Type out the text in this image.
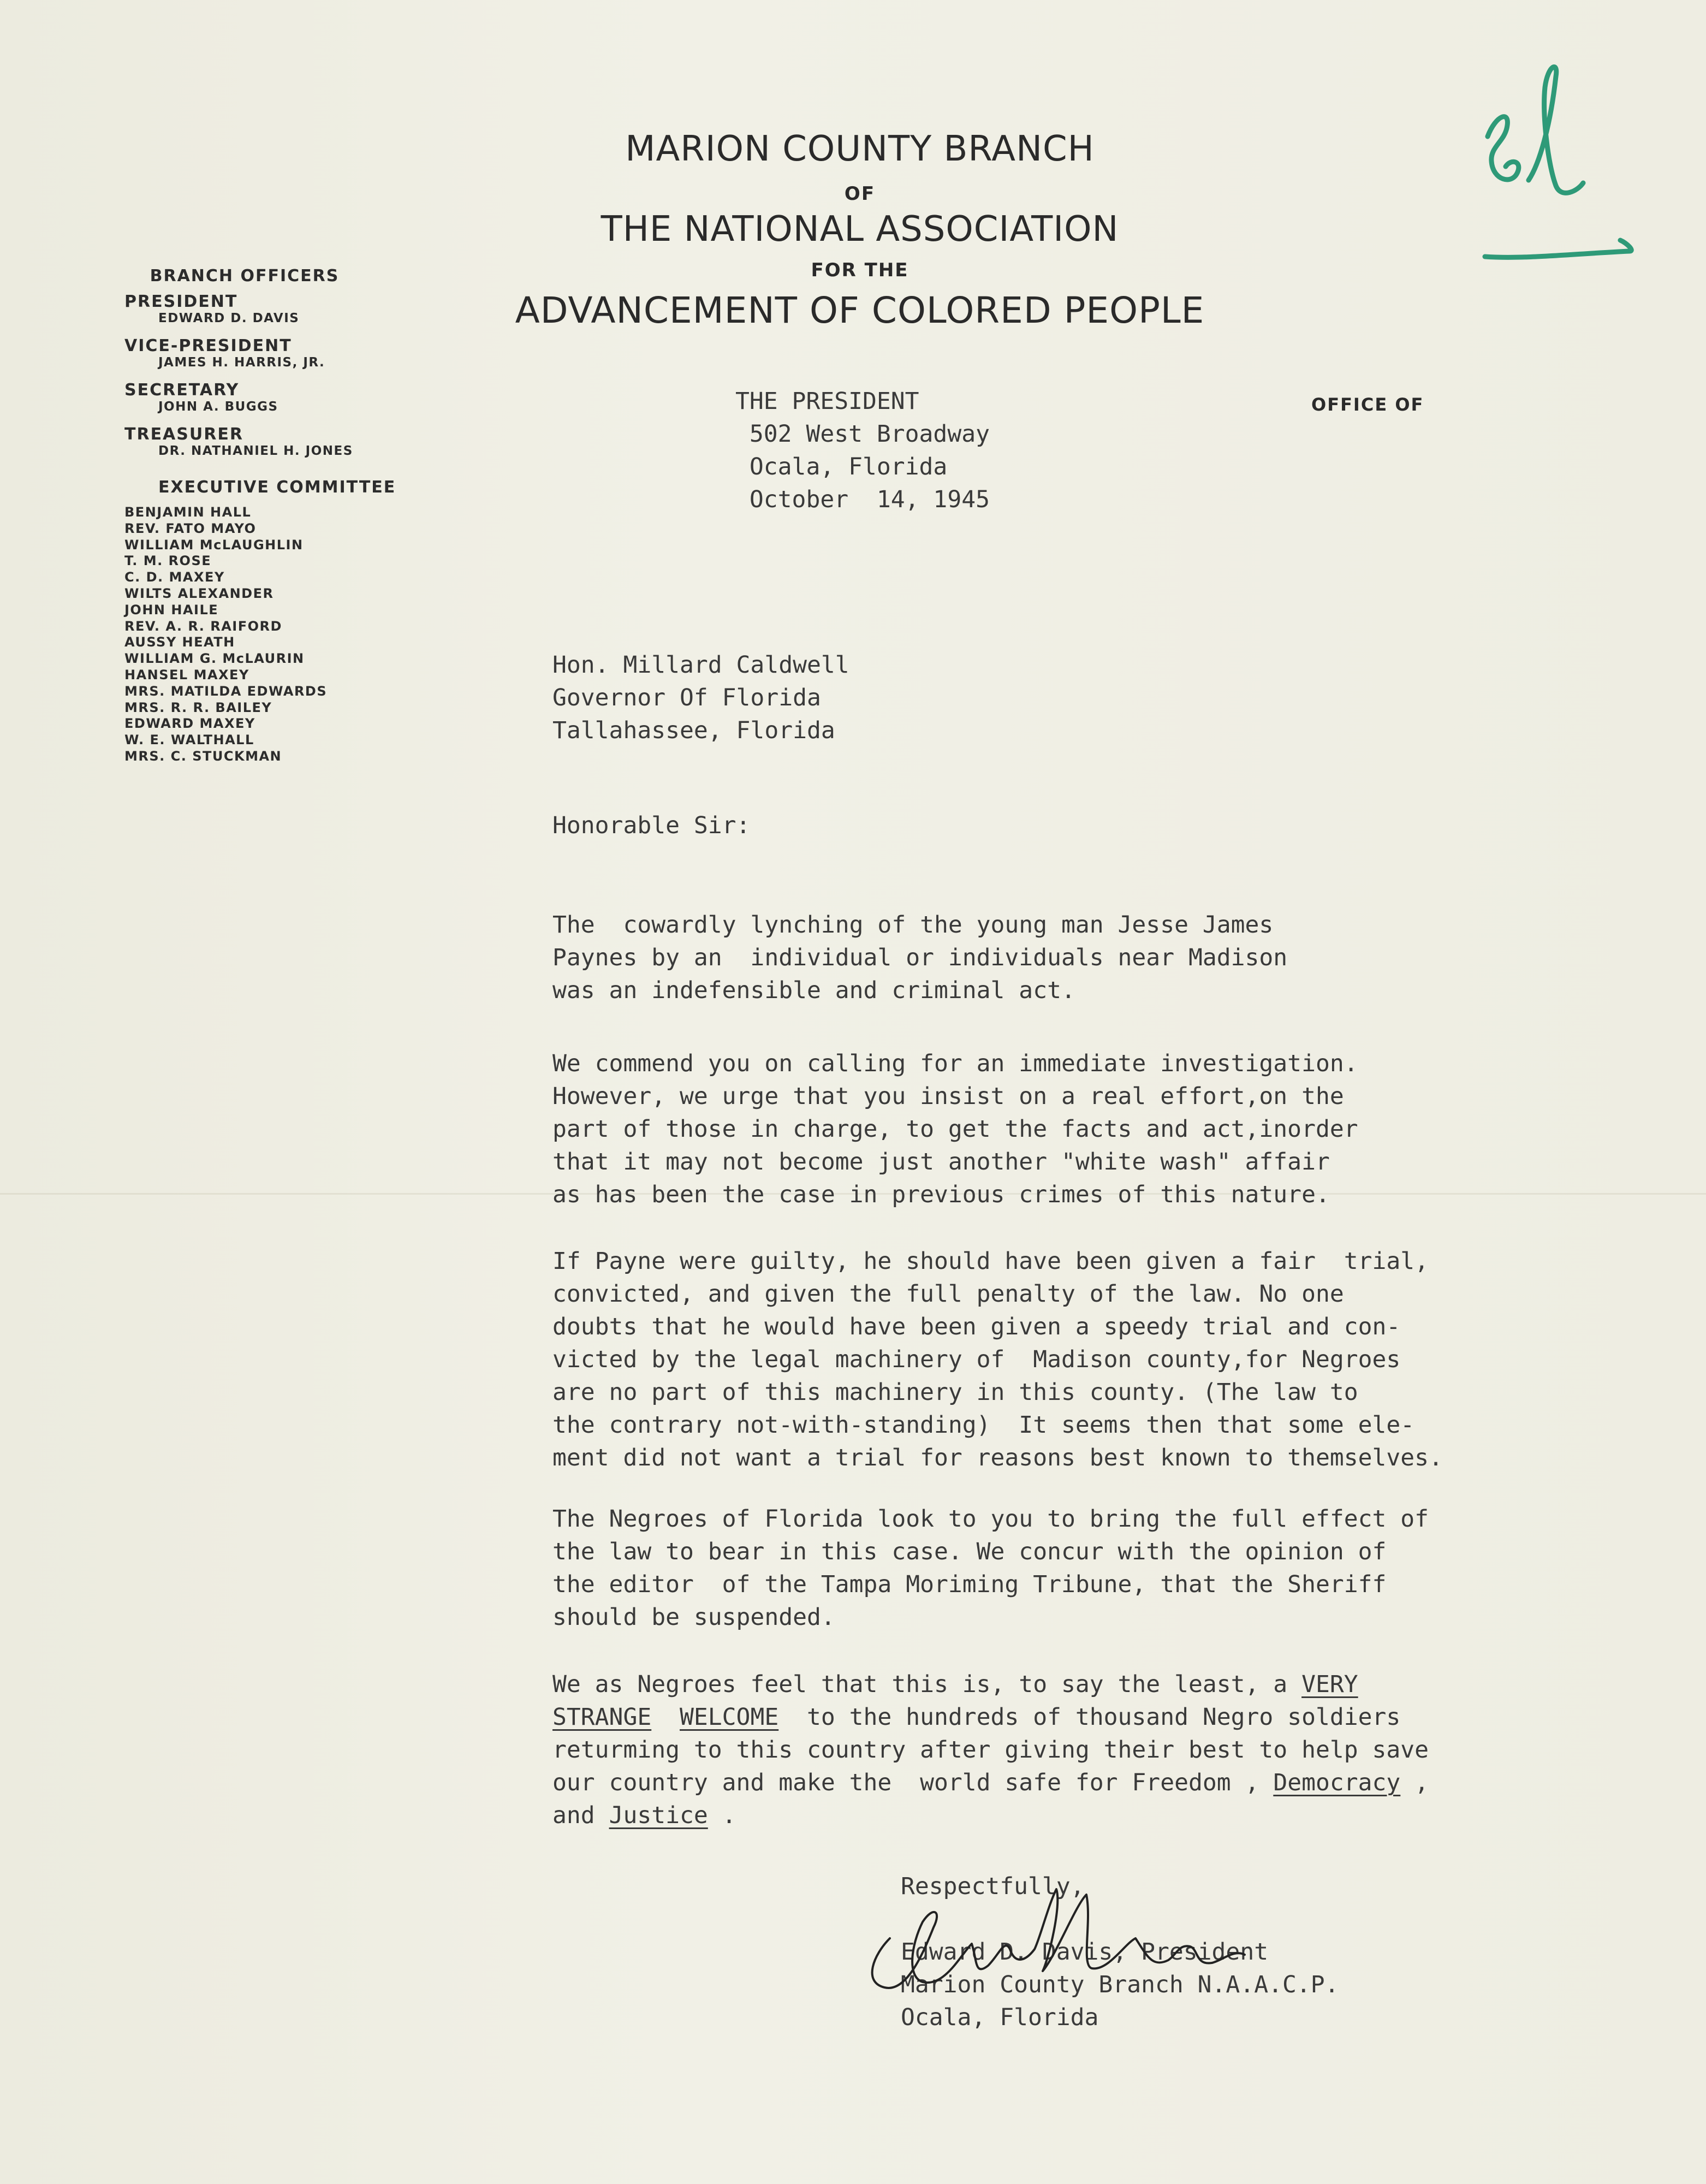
MARION COUNTY BRANCH
OF
THE NATIONAL ASSOCIATION
FOR THE
ADVANCEMENT OF COLORED PEOPLE
OFFICE OF
BRANCH OFFICERS
PRESIDENT
EDWARD D. DAVIS
VICE-PRESIDENT
JAMES H. HARRIS, JR.
SECRETARY
JOHN A. BUGGS
TREASURER
DR. NATHANIEL H. JONES
EXECUTIVE COMMITTEE
BENJAMIN HALL
REV. FATO MAYO
WILLIAM McLAUGHLIN
T. M. ROSE
C. D. MAXEY
WILTS ALEXANDER
JOHN HAILE
REV. A. R. RAIFORD
AUSSY HEATH
WILLIAM G. McLAURIN
HANSEL MAXEY
MRS. MATILDA EDWARDS
MRS. R. R. BAILEY
EDWARD MAXEY
W. E. WALTHALL
MRS. C. STUCKMAN
THE PRESIDENT
502 West Broadway
Ocala, Florida
October  14, 1945
Hon. Millard Caldwell
Governor Of Florida
Tallahassee, Florida
Honorable Sir:
The  cowardly lynching of the young man Jesse James
Paynes by an  individual or individuals near Madison
was an indefensible and criminal act.
We commend you on calling for an immediate investigation.
However, we urge that you insist on a real effort,on the
part of those in charge, to get the facts and act,inorder
that it may not become just another "white wash" affair
as has been the case in previous crimes of this nature.
If Payne were guilty, he should have been given a fair  trial,
convicted, and given the full penalty of the law. No one
doubts that he would have been given a speedy trial and con-
victed by the legal machinery of  Madison county,for Negroes
are no part of this machinery in this county. (The law to
the contrary not-with-standing)  It seems then that some ele-
ment did not want a trial for reasons best known to themselves.
The Negroes of Florida look to you to bring the full effect of
the law to bear in this case. We concur with the opinion of
the editor  of the Tampa Moriming Tribune, that the Sheriff
should be suspended.
We as Negroes feel that this is, to say the least, a VERY
STRANGE WELCOME  to the hundreds of thousand Negro soldiers
returming to this country after giving their best to help save
our country and make the  world safe for Freedom , Democracy ,
and Justice .
Respectfully,

Edward D. Davis, President
Marion County Branch N.A.A.C.P.
Ocala, Florida
